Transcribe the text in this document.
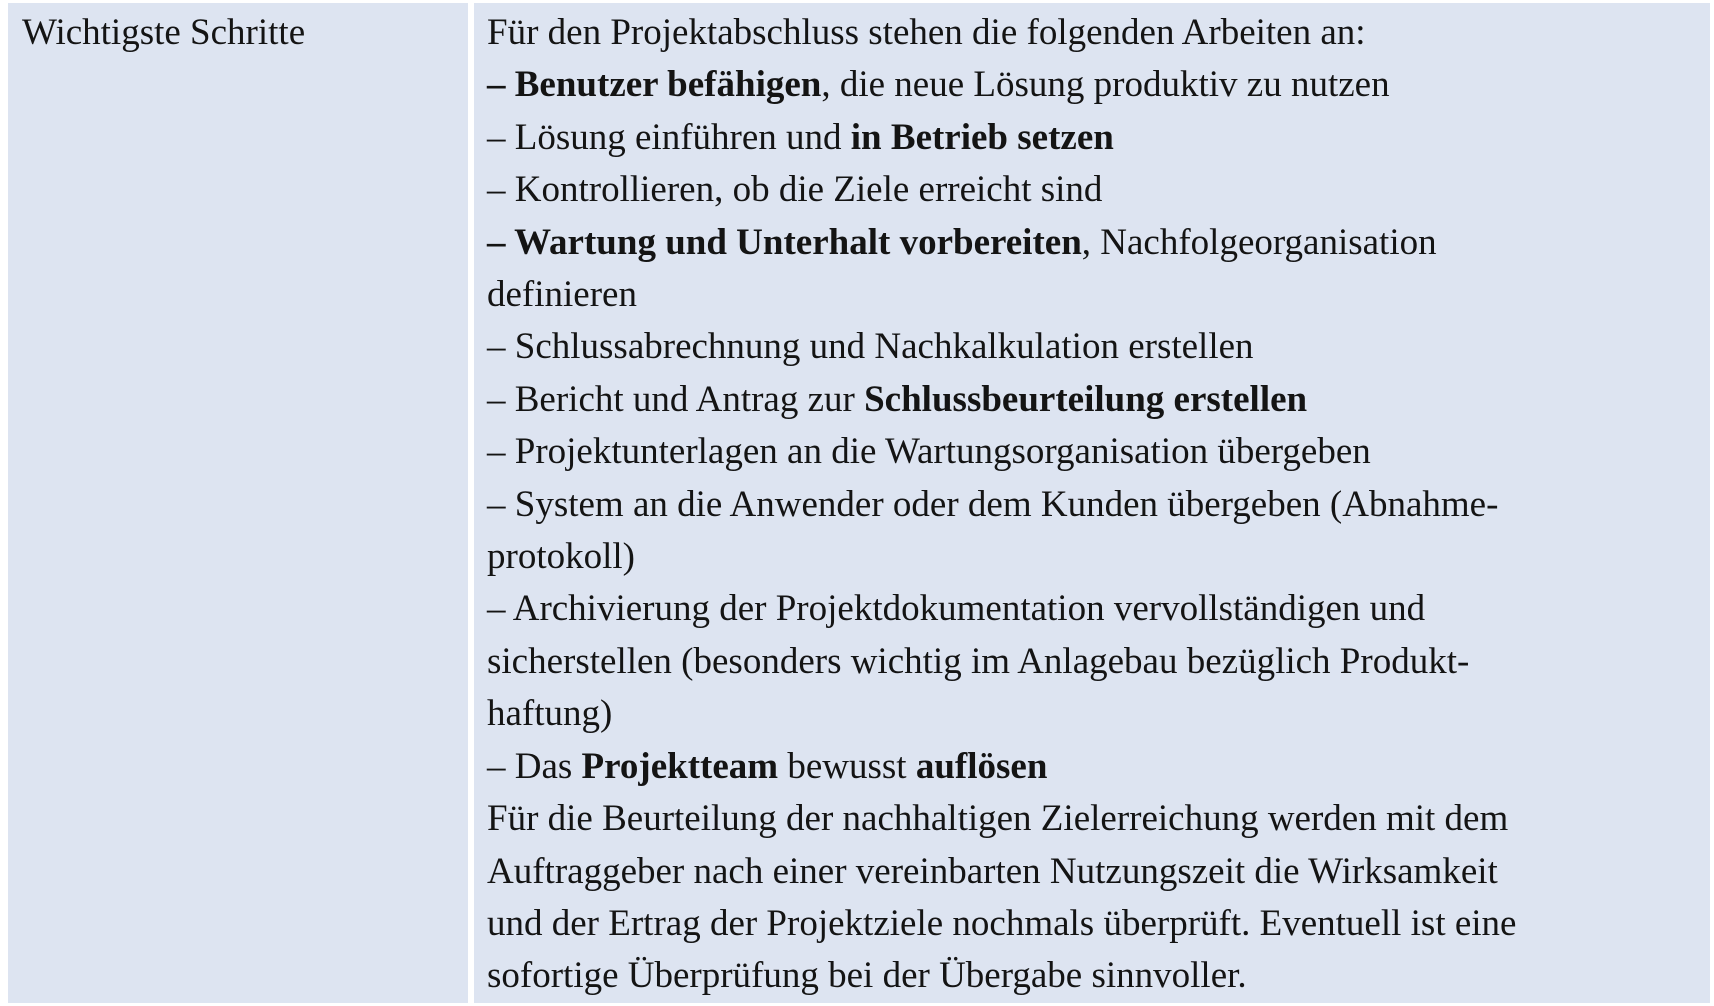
Wichtigste Schritte	Für den Projektabschluss stehen die folgenden Arbeiten an:
– Benutzer befähigen, die neue Lösung produktiv zu nutzen
– Lösung einführen und in Betrieb setzen
– Kontrollieren, ob die Ziele erreicht sind
– Wartung und Unterhalt vorbereiten, Nachfolgeorganisation
definieren
– Schlussabrechnung und Nachkalkulation erstellen
– Bericht und Antrag zur Schlussbeurteilung erstellen
– Projektunterlagen an die Wartungsorganisation übergeben
– System an die Anwender oder dem Kunden übergeben (Abnahme-
protokoll)
– Archivierung der Projektdokumentation vervollständigen und
sicherstellen (besonders wichtig im Anlagebau bezüglich Produkt-
haftung)
– Das Projektteam bewusst auflösen
Für die Beurteilung der nachhaltigen Zielerreichung werden mit dem
Auftraggeber nach einer vereinbarten Nutzungszeit die Wirksamkeit
und der Ertrag der Projektziele nochmals überprüft. Eventuell ist eine
sofortige Überprüfung bei der Übergabe sinnvoller.
